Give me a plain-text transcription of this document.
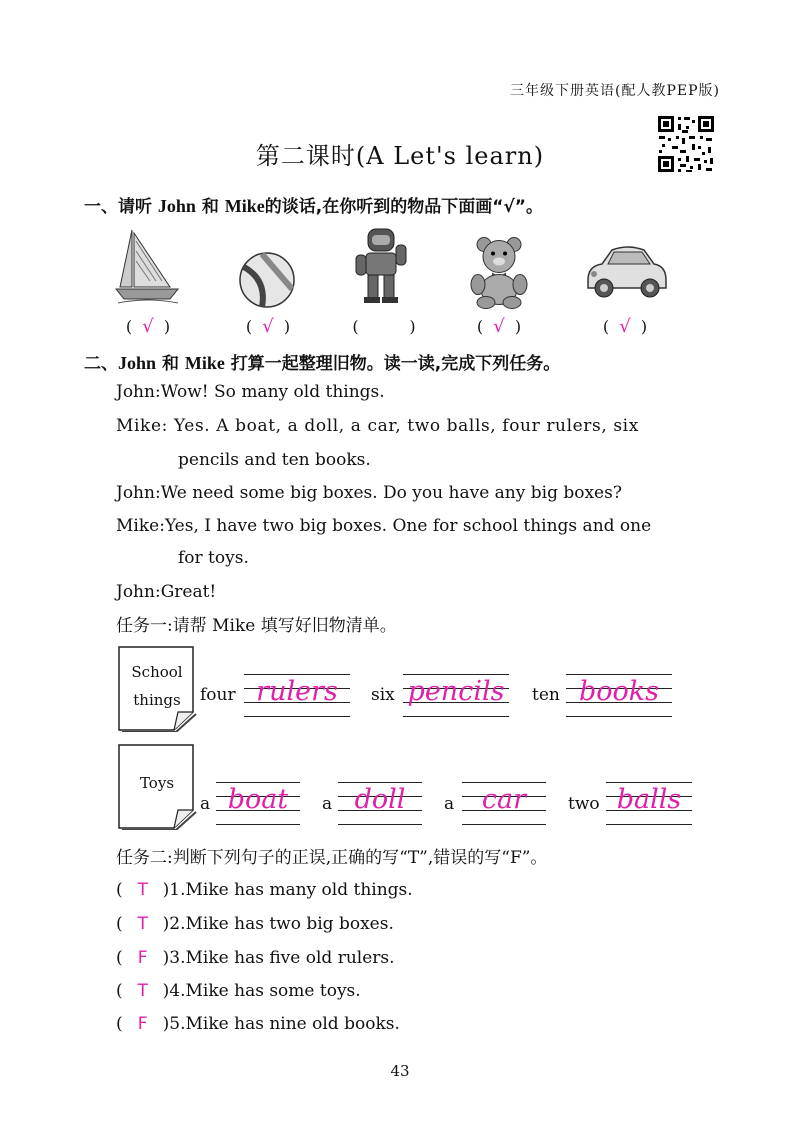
三年级下册英语(配人教PEP版)
第二课时(A Let's learn)
一、请听 John 和 Mike的谈话,在你听到的物品下面画“√”。
(  √  )	(  √  )	(          )	(  √  )	(  √  )
二、John 和 Mike 打算一起整理旧物。读一读,完成下列任务。
John:Wow! So many old things.
Mike: Yes. A boat, a doll, a car, two balls, four rulers, six
pencils and ten books.
John:We need some big boxes. Do you have any big boxes?
Mike:Yes, I have two big boxes. One for school things and one
for toys.
John:Great!
任务一:请帮 Mike 填写好旧物清单。
School
things	four rulers	six pencils ten books
Toys
a boat	a doll	a	car	two balls
任务二:判断下列句子的正误,正确的写“T”,错误的写“F”。
( T )1.Mike has many old things.
( T )2.Mike has two big boxes.
( F )3.Mike has five old rulers.
( T )4.Mike has some toys.
( F )5.Mike has nine old books.
43
